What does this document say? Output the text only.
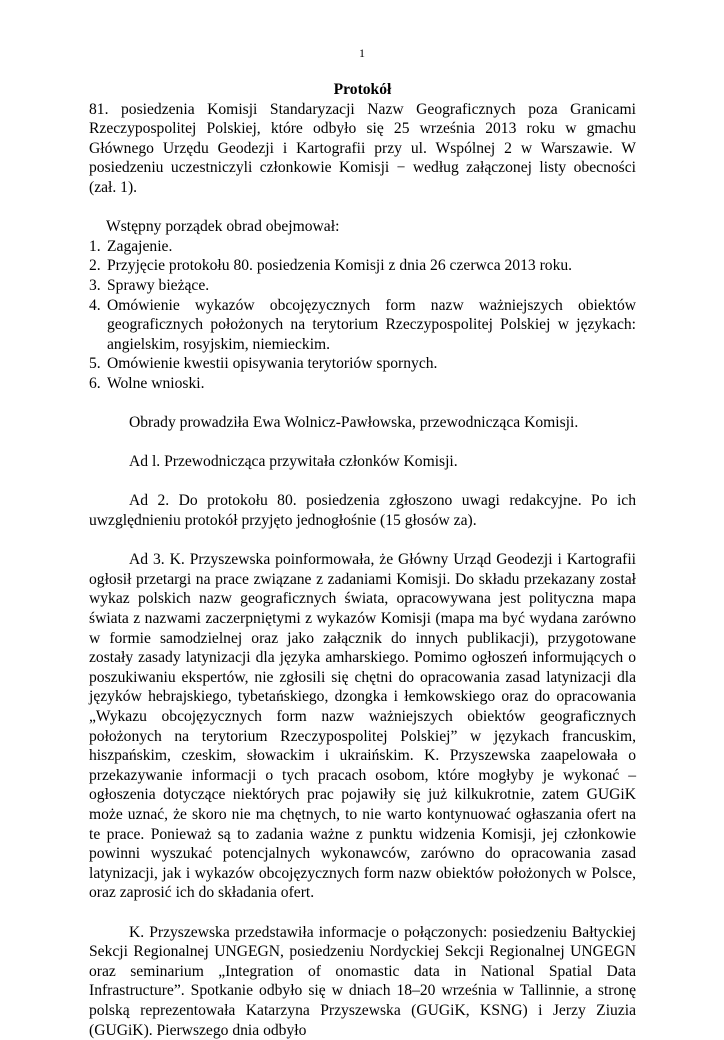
1
Protokół

81. posiedzenia Komisji Standaryzacji Nazw Geograficznych poza Granicami Rzeczypospolitej Polskiej, które odbyło się 25 września 2013 roku w gmachu Głównego Urzędu Geodezji i Kartografii przy ul. Wspólnej 2 w Warszawie. W posiedzeniu uczestniczyli członkowie Komisji − według załączonej listy obecności (zał. 1).

Wstępny porządek obrad obejmował:

1. Zagajenie.
2. Przyjęcie protokołu 80. posiedzenia Komisji z dnia 26 czerwca 2013 roku.
3. Sprawy bieżące.
4. Omówienie wykazów obcojęzycznych form nazw ważniejszych obiektów geograficznych położonych na terytorium Rzeczypospolitej Polskiej w językach: angielskim, rosyjskim, niemieckim.
5. Omówienie kwestii opisywania terytoriów spornych.
6. Wolne wnioski.

Obrady prowadziła Ewa Wolnicz-Pawłowska, przewodnicząca Komisji.

Ad l. Przewodnicząca przywitała członków Komisji.

Ad 2. Do protokołu 80. posiedzenia zgłoszono uwagi redakcyjne. Po ich uwzględnieniu protokół przyjęto jednogłośnie (15 głosów za).

Ad 3. K. Przyszewska poinformowała, że Główny Urząd Geodezji i Kartografii ogłosił przetargi na prace związane z zadaniami Komisji. Do składu przekazany został wykaz polskich nazw geograficznych świata, opracowywana jest polityczna mapa świata z nazwami zaczerpniętymi z wykazów Komisji (mapa ma być wydana zarówno w formie samodzielnej oraz jako załącznik do innych publikacji), przygotowane zostały zasady latynizacji dla języka amharskiego. Pomimo ogłoszeń informujących o poszukiwaniu ekspertów, nie zgłosili się chętni do opracowania zasad latynizacji dla języków hebrajskiego, tybetańskiego, dzongka i łemkowskiego oraz do opracowania „Wykazu obcojęzycznych form nazw ważniejszych obiektów geograficznych położonych na terytorium Rzeczypospolitej Polskiej” w językach francuskim, hiszpańskim, czeskim, słowackim i ukraińskim. K. Przyszewska zaapelowała o przekazywanie informacji o tych pracach osobom, które mogłyby je wykonać – ogłoszenia dotyczące niektórych prac pojawiły się już kilkukrotnie, zatem GUGiK może uznać, że skoro nie ma chętnych, to nie warto kontynuować ogłaszania ofert na te prace. Ponieważ są to zadania ważne z punktu widzenia Komisji, jej członkowie powinni wyszukać potencjalnych wykonawców, zarówno do opracowania zasad latynizacji, jak i wykazów obcojęzycznych form nazw obiektów położonych w Polsce, oraz zaprosić ich do składania ofert.

K. Przyszewska przedstawiła informacje o połączonych: posiedzeniu Bałtyckiej Sekcji Regionalnej UNGEGN, posiedzeniu Nordyckiej Sekcji Regionalnej UNGEGN oraz seminarium „Integration of onomastic data in National Spatial Data Infrastructure”. Spotkanie odbyło się w dniach 18–20 września w Tallinnie, a stronę polską reprezentowała Katarzyna Przyszewska (GUGiK, KSNG) i Jerzy Ziuzia (GUGiK). Pierwszego dnia odbyło
